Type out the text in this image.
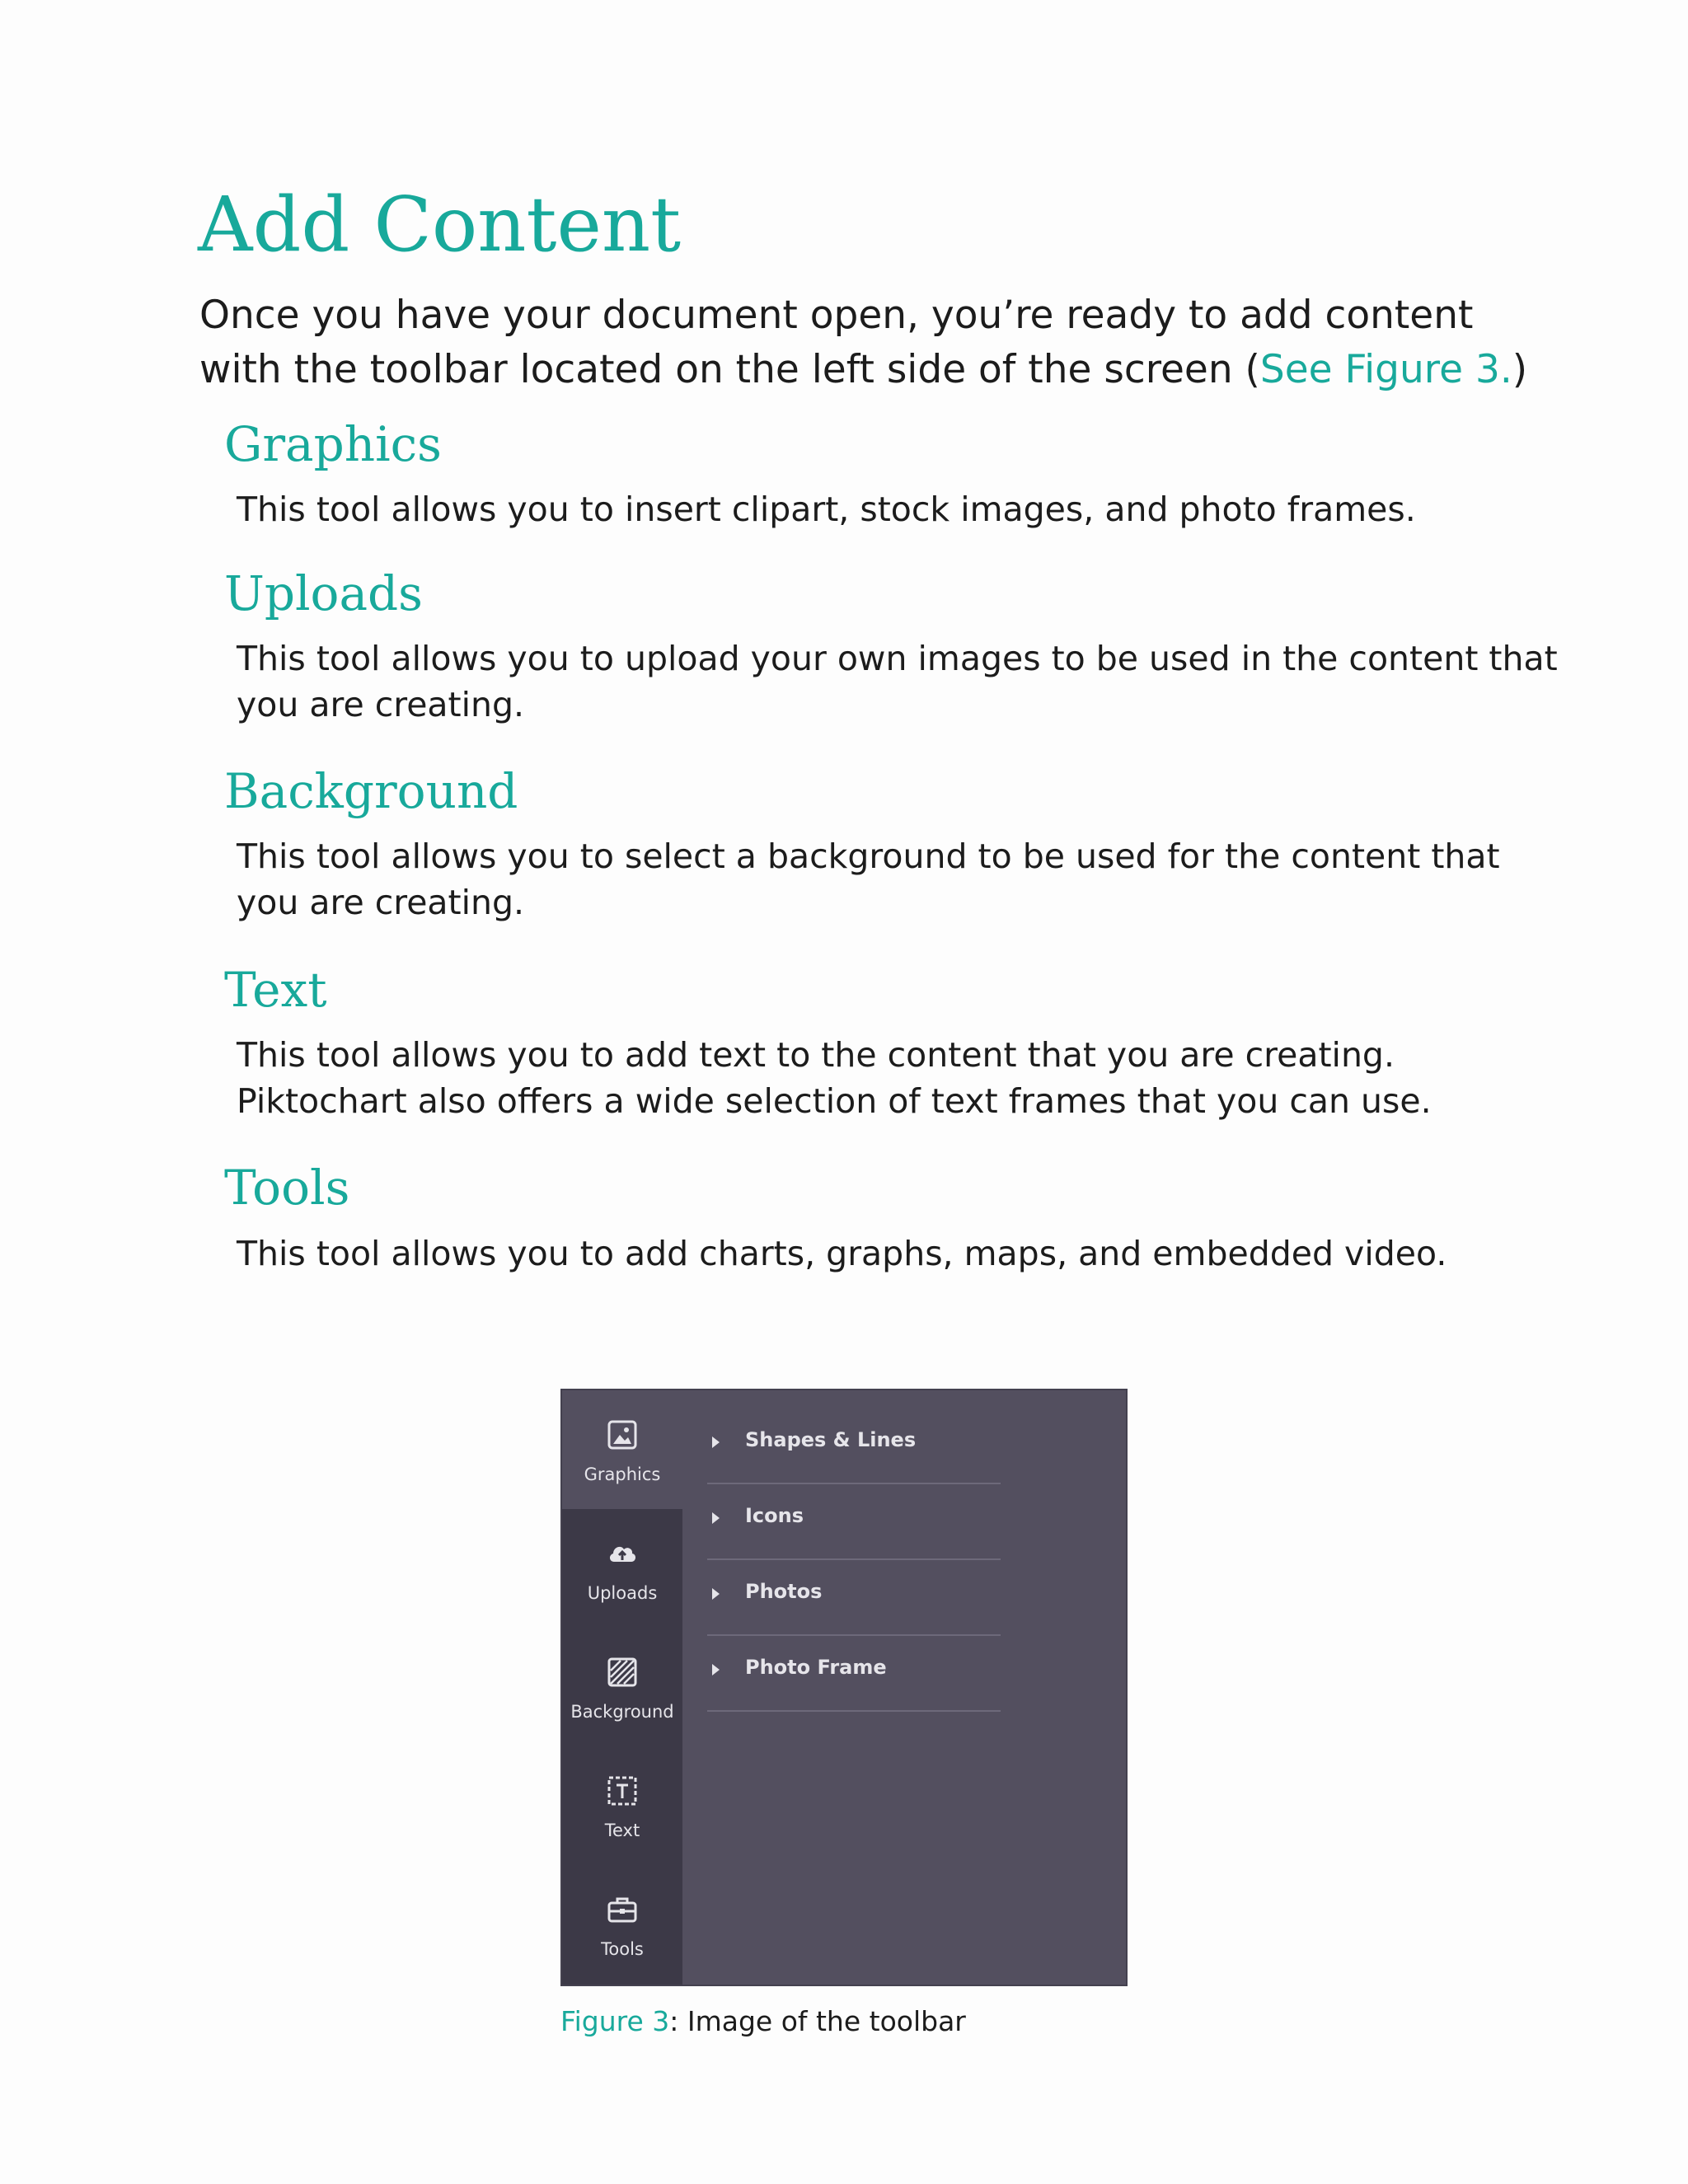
Add Content

Once you have your document open, you’re ready to add content with the toolbar located on the left side of the screen (See Figure 3.)

Graphics

This tool allows you to insert clipart, stock images, and photo frames.

Uploads

This tool allows you to upload your own images to be used in the content that you are creating.

Background

This tool allows you to select a background to be used for the content that you are creating.

Text

This tool allows you to add text to the content that you are creating. Piktochart also offers a wide selection of text frames that you can use.

Tools

This tool allows you to add charts, graphs, maps, and embedded video.

Graphics
Uploads
Background
Text
Tools
Shapes & Lines
Icons
Photos
Photo Frame

Figure 3: Image of the toolbar
